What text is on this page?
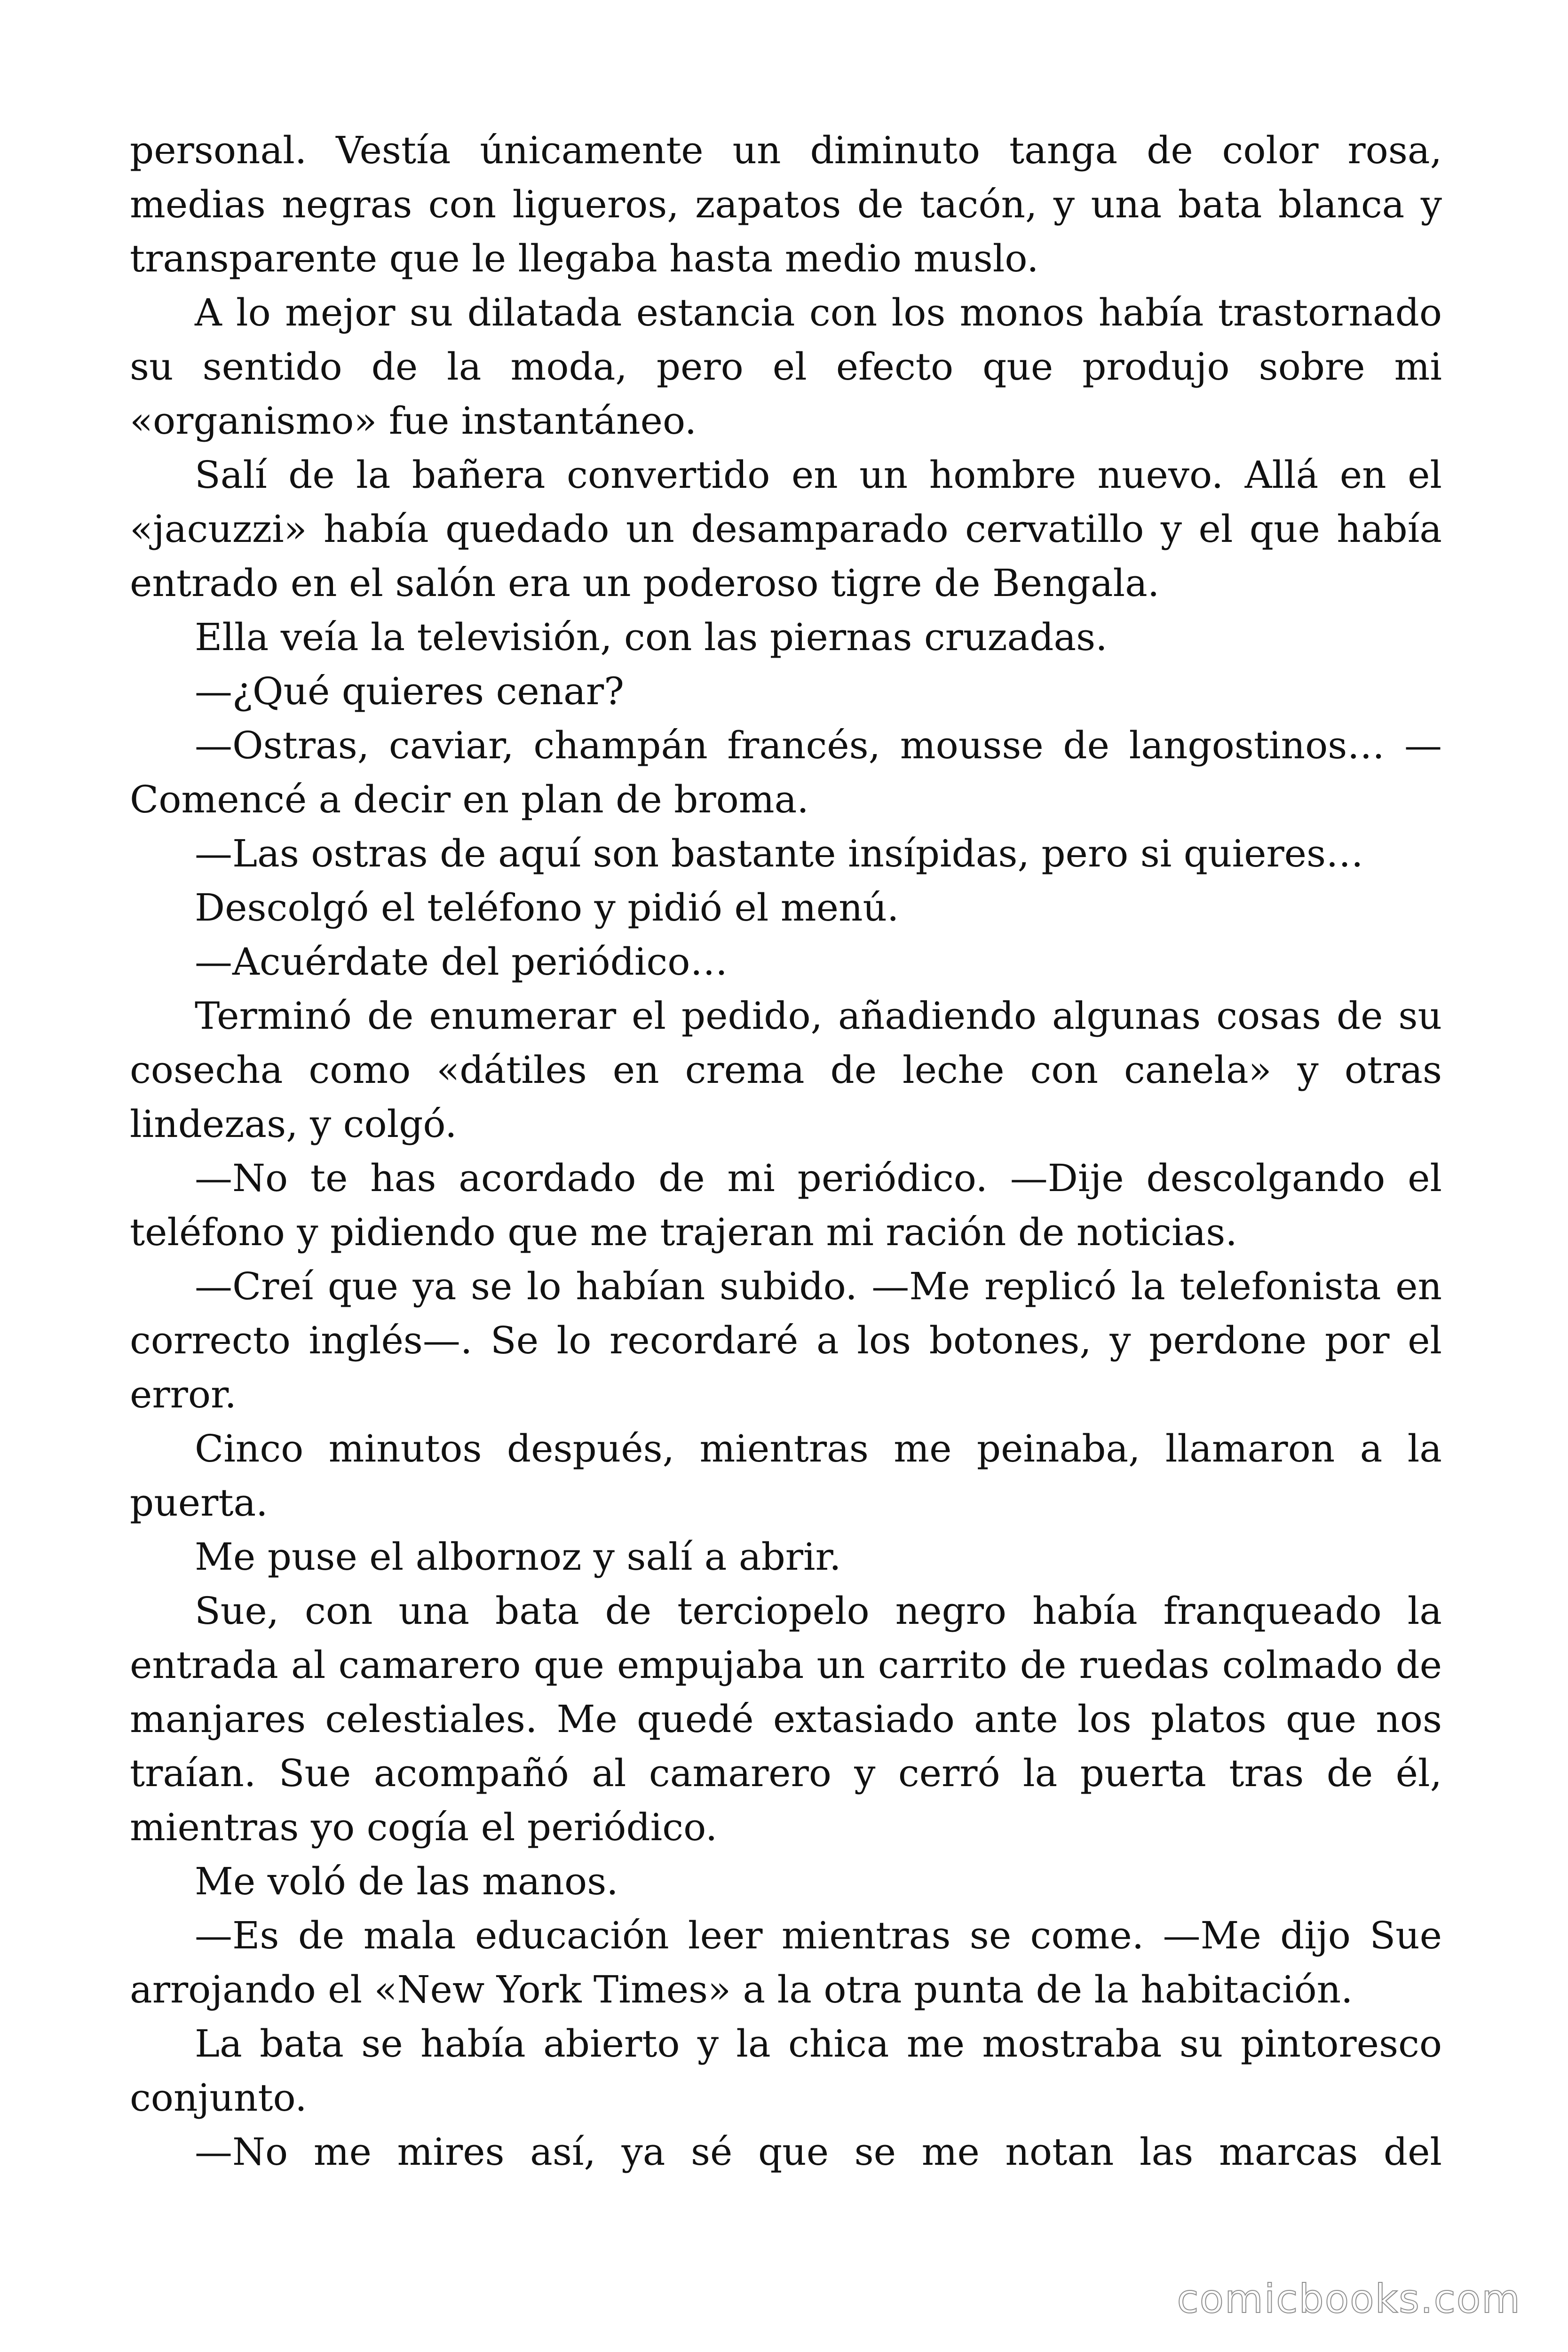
personal. Vestía únicamente un diminuto tanga de color rosa, medias negras con ligueros, zapatos de tacón, y una bata blanca y transparente que le llegaba hasta medio muslo.

A lo mejor su dilatada estancia con los monos había trastornado su sentido de la moda, pero el efecto que produjo sobre mi «organismo» fue instantáneo.

Salí de la bañera convertido en un hombre nuevo. Allá en el «jacuzzi» había quedado un desamparado cervatillo y el que había entrado en el salón era un poderoso tigre de Bengala.

Ella veía la televisión, con las piernas cruzadas.

—¿Qué quieres cenar?

—Ostras, caviar, champán francés, mousse de langostinos… —Comencé a decir en plan de broma.

—Las ostras de aquí son bastante insípidas, pero si quieres…

Descolgó el teléfono y pidió el menú.

—Acuérdate del periódico…

Terminó de enumerar el pedido, añadiendo algunas cosas de su cosecha como «dátiles en crema de leche con canela» y otras lindezas, y colgó.

—No te has acordado de mi periódico. —Dije descolgando el teléfono y pidiendo que me trajeran mi ración de noticias.

—Creí que ya se lo habían subido. —Me replicó la telefonista en correcto inglés—. Se lo recordaré a los botones, y perdone por el error.

Cinco minutos después, mientras me peinaba, llamaron a la puerta.

Me puse el albornoz y salí a abrir.

Sue, con una bata de terciopelo negro había franqueado la entrada al camarero que empujaba un carrito de ruedas colmado de manjares celestiales. Me quedé extasiado ante los platos que nos traían. Sue acompañó al camarero y cerró la puerta tras de él, mientras yo cogía el periódico.

Me voló de las manos.

—Es de mala educación leer mientras se come. —Me dijo Sue arrojando el «New York Times» a la otra punta de la habitación.

La bata se había abierto y la chica me mostraba su pintoresco conjunto.

—No me mires así, ya sé que se me notan las marcas del

comicbooks.com
